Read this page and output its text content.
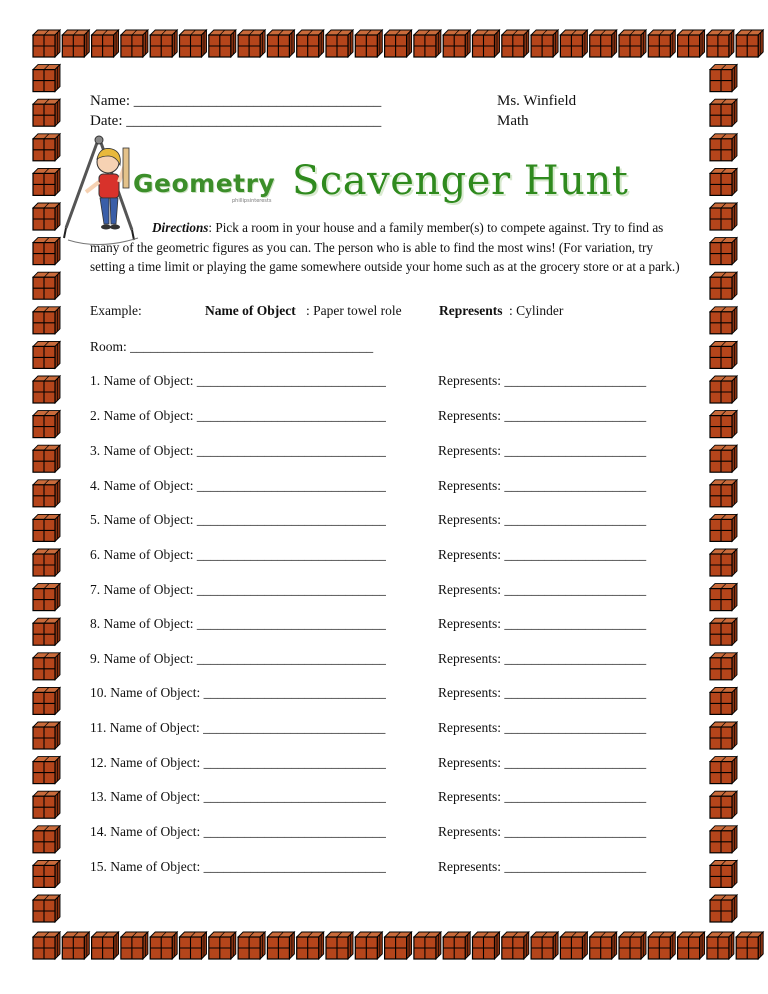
Name: _________________________________
Date: __________________________________
Ms. Winfield
Math
Geometry
phillipsinterests Scavenger Hunt
Directions: Pick a room in your house and a family member(s) to compete against. Try to find as many of the geometric figures as you can. The person who is able to find the most wins! (For variation, try setting a time limit or playing the game somewhere outside your home such as at the grocery store or at a park.)
Example:	Name of Object : Paper towel role	Represents : Cylinder
Room: ____________________________________
1. Name of Object: ____________________________	Represents: _____________________
2. Name of Object: ____________________________	Represents: _____________________
3. Name of Object: ____________________________	Represents: _____________________
4. Name of Object: ____________________________	Represents: _____________________
5. Name of Object: ____________________________	Represents: _____________________
6. Name of Object: ____________________________	Represents: _____________________
7. Name of Object: ____________________________	Represents: _____________________
8. Name of Object: ____________________________	Represents: _____________________
9. Name of Object: ____________________________	Represents: _____________________
10. Name of Object: ___________________________	Represents: _____________________
11. Name of Object: ___________________________	Represents: _____________________
12. Name of Object: ___________________________	Represents: _____________________
13. Name of Object: ___________________________	Represents: _____________________
14. Name of Object: ___________________________	Represents: _____________________
15. Name of Object: ___________________________	Represents: _____________________
